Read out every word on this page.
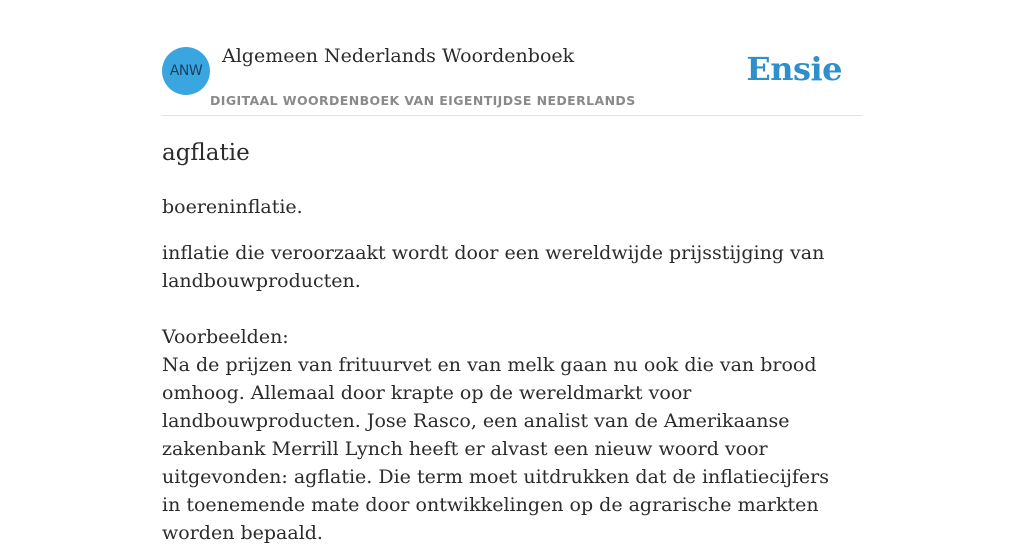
ANW
Algemeen Nederlands Woordenboek
DIGITAAL WOORDENBOEK VAN EIGENTIJDSE NEDERLANDS
Ensie
agflatie
boereninflatie.
inflatie die veroorzaakt wordt door een wereldwijde prijsstijging van landbouwproducten.

Voorbeelden:

Na de prijzen van frituurvet en van melk gaan nu ook die van brood omhoog. Allemaal door krapte op de wereldmarkt voor landbouwproducten. Jose Rasco, een analist van de Amerikaanse zakenbank Merrill Lynch heeft er alvast een nieuw woord voor uitgevonden: agflatie. Die term moet uitdrukken dat de inflatiecijfers in toenemende mate door ontwikkelingen op de agrarische markten worden bepaald.
